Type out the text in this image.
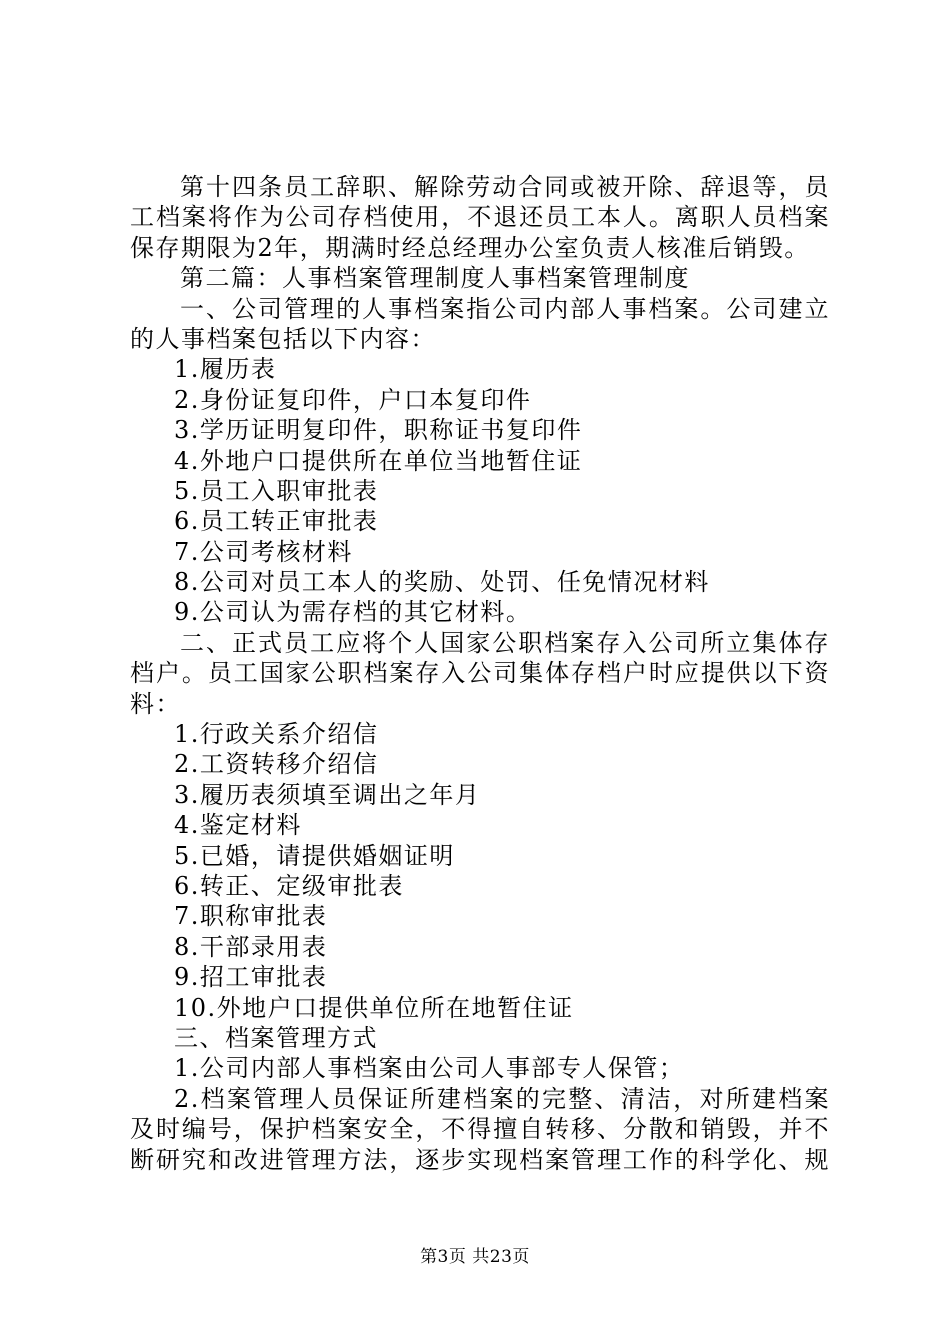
第十四条员工辞职、解除劳动合同或被开除、辞退等，员
工档案将作为公司存档使用，不退还员工本人。离职人员档案
保存期限为2年，期满时经总经理办公室负责人核准后销毁。
第二篇：人事档案管理制度人事档案管理制度
一、公司管理的人事档案指公司内部人事档案。公司建立
的人事档案包括以下内容：
1.履历表
2.身份证复印件，户口本复印件
3.学历证明复印件，职称证书复印件
4.外地户口提供所在单位当地暂住证
5.员工入职审批表
6.员工转正审批表
7.公司考核材料
8.公司对员工本人的奖励、处罚、任免情况材料
9.公司认为需存档的其它材料。
二、正式员工应将个人国家公职档案存入公司所立集体存
档户。员工国家公职档案存入公司集体存档户时应提供以下资
料：
1.行政关系介绍信
2.工资转移介绍信
3.履历表须填至调出之年月
4.鉴定材料
5.已婚，请提供婚姻证明
6.转正、定级审批表
7.职称审批表
8.干部录用表
9.招工审批表
10.外地户口提供单位所在地暂住证
三、档案管理方式
1.公司内部人事档案由公司人事部专人保管；
2.档案管理人员保证所建档案的完整、清洁，对所建档案
及时编号，保护档案安全，不得擅自转移、分散和销毁，并不
断研究和改进管理方法，逐步实现档案管理工作的科学化、规
第3页 共23页
